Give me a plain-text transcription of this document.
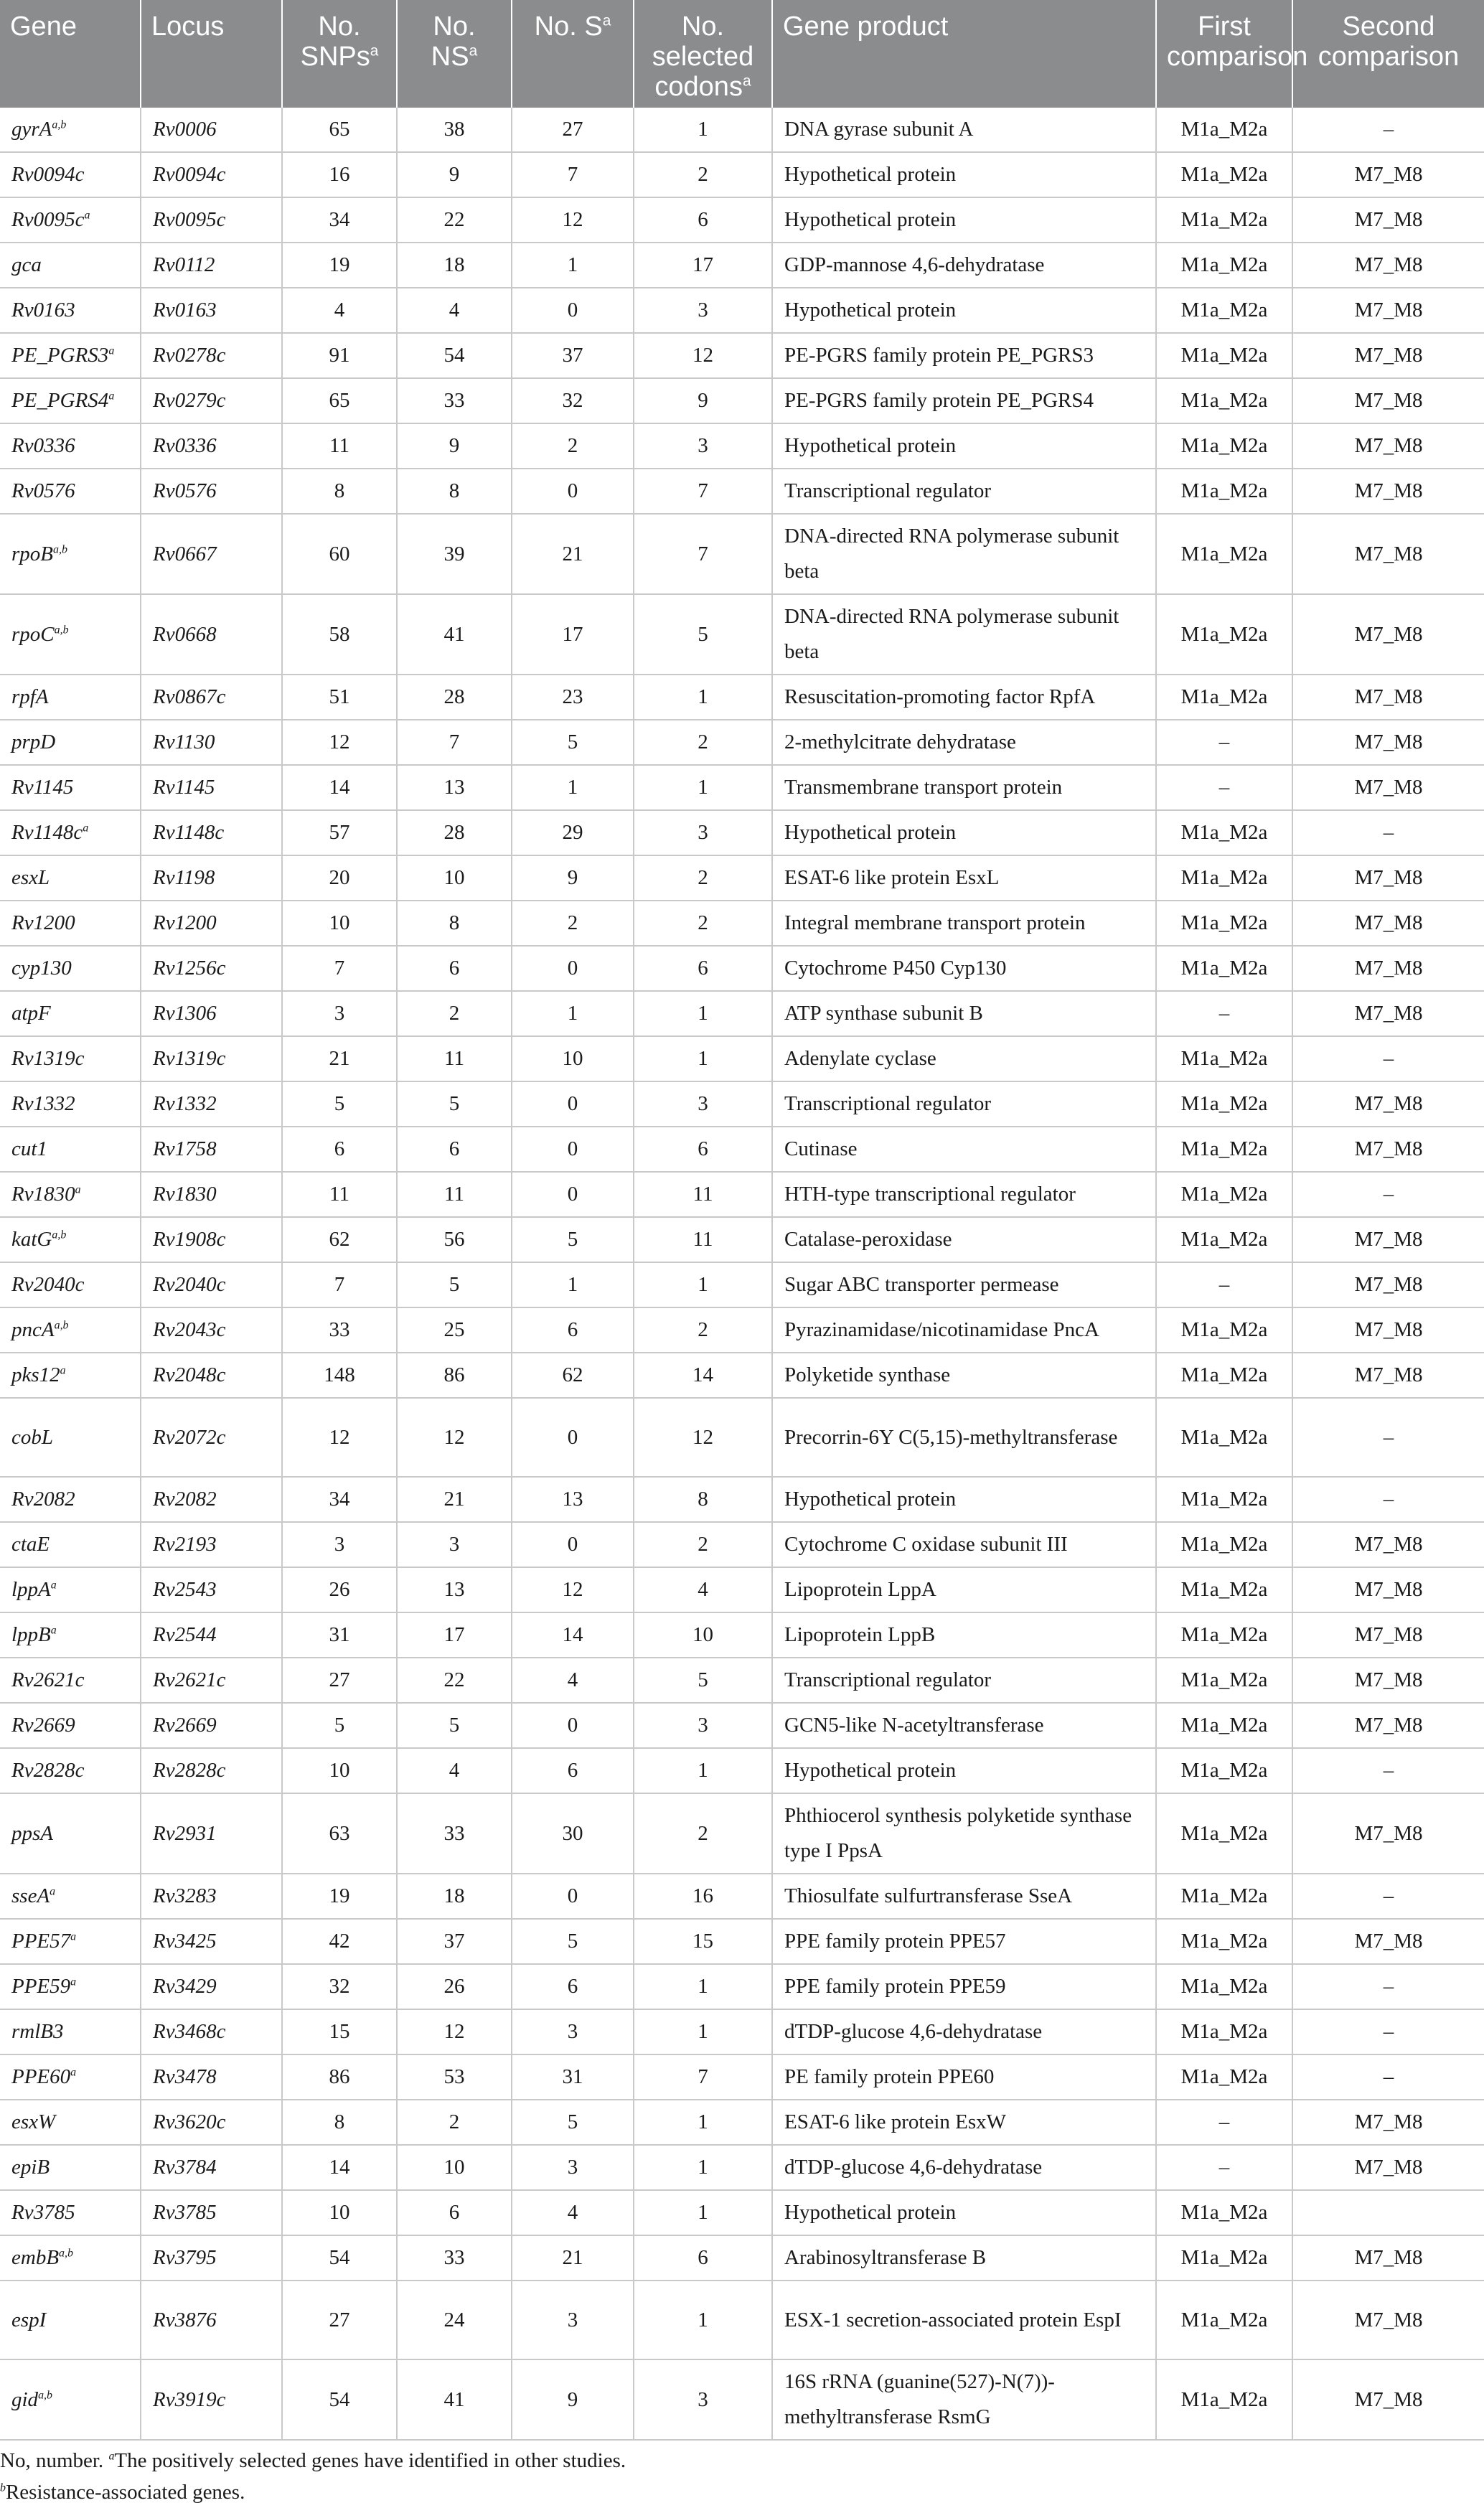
Gene	Locus	No. SNPs$^a$	No. $NS^a$	No. $S^a$	No. selected codons$^a$	Gene product	First comparison	Second comparison
gyrA$^{a,b}$	Rv0006	65	38	27	1	DNA gyrase subunit A	M1a_M2a	–
Rv0094c	Rv0094c	16	9	7	2	Hypothetical protein	M1a_M2a	M7_M8
$Rv0095c^a$	Rv0095c	34	22	12	6	Hypothetical protein	M1a_M2a	M7_M8
gca	Rv0112	19	18	1	17	GDP-mannose 4,6-dehydratase	M1a_M2a	M7_M8
Rv0163	Rv0163	4	4	0	3	Hypothetical protein	M1a_M2a	M7_M8
PE_PGRS3$^a$	Rv0278c	91	54	37	12	PE-PGRS family protein PE_PGRS3	M1a_M2a	M7_M8
PE_PGRS4$^a$	Rv0279c	65	33	32	9	PE-PGRS family protein PE_PGRS4	M1a_M2a	M7_M8
Rv0336	Rv0336	11	9	2	3	Hypothetical protein	M1a_M2a	M7_M8
Rv0576	Rv0576	8	8	0	7	Transcriptional regulator	M1a_M2a	M7_M8
rpoB$^{a,b}$	Rv0667	60	39	21	7	DNA-directed RNA polymerase subunit beta	M1a_M2a	M7_M8
rpoC$^{a,b}$	Rv0668	58	41	17	5	DNA-directed RNA polymerase subunit beta	M1a_M2a	M7_M8
rpfA	Rv0867c	51	28	23	1	Resuscitation-promoting factor RpfA	M1a_M2a	M7_M8
prpD	Rv1130	12	7	5	2	2-methylcitrate dehydratase	–	M7_M8
Rv1145	Rv1145	14	13	1	1	Transmembrane transport protein	–	M7_M8
$Rv1148c^a$	Rv1148c	57	28	29	3	Hypothetical protein	M1a_M2a	–
esxL	Rv1198	20	10	9	2	ESAT-6 like protein EsxL	M1a_M2a	M7_M8
Rv1200	Rv1200	10	8	2	2	Integral membrane transport protein	M1a_M2a	M7_M8
cyp130	Rv1256c	7	6	0	6	Cytochrome P450 Cyp130	M1a_M2a	M7_M8
atpF	Rv1306	3	2	1	1	ATP synthase subunit B	–	M7_M8
Rv1319c	Rv1319c	21	11	10	1	Adenylate cyclase	M1a_M2a	–
Rv1332	Rv1332	5	5	0	3	Transcriptional regulator	M1a_M2a	M7_M8
cut1	Rv1758	6	6	0	6	Cutinase	M1a_M2a	M7_M8
Rv1830$^a$	Rv1830	11	11	0	11	HTH-type transcriptional regulator	M1a_M2a	–
katG$^{a,b}$	Rv1908c	62	56	5	11	Catalase-peroxidase	M1a_M2a	M7_M8
Rv2040c	Rv2040c	7	5	1	1	Sugar ABC transporter permease	–	M7_M8
pncA$^{a,b}$	Rv2043c	33	25	6	2	Pyrazinamidase/nicotinamidase PncA	M1a_M2a	M7_M8
pks12$^a$	Rv2048c	148	86	62	14	Polyketide synthase	M1a_M2a	M7_M8
cobL	Rv2072c	12	12	0	12	Precorrin-6Y C(5,15)-methyltransferase	M1a_M2a	–
Rv2082	Rv2082	34	21	13	8	Hypothetical protein	M1a_M2a	–
ctaE	Rv2193	3	3	0	2	Cytochrome C oxidase subunit III	M1a_M2a	M7_M8
lppA$^a$	Rv2543	26	13	12	4	Lipoprotein LppA	M1a_M2a	M7_M8
lppB$^a$	Rv2544	31	17	14	10	Lipoprotein LppB	M1a_M2a	M7_M8
Rv2621c	Rv2621c	27	22	4	5	Transcriptional regulator	M1a_M2a	M7_M8
Rv2669	Rv2669	5	5	0	3	GCN5-like N-acetyltransferase	M1a_M2a	M7_M8
Rv2828c	Rv2828c	10	4	6	1	Hypothetical protein	M1a_M2a	–
ppsA	Rv2931	63	33	30	2	Phthiocerol synthesis polyketide synthase type I PpsA	M1a_M2a	M7_M8
sseA$^a$	Rv3283	19	18	0	16	Thiosulfate sulfurtransferase SseA	M1a_M2a	–
PPE57$^a$	Rv3425	42	37	5	15	PPE family protein PPE57	M1a_M2a	M7_M8
PPE59$^a$	Rv3429	32	26	6	1	PPE family protein PPE59	M1a_M2a	–
rmlB3	Rv3468c	15	12	3	1	dTDP-glucose 4,6-dehydratase	M1a_M2a	–
PPE60$^a$	Rv3478	86	53	31	7	PE family protein PPE60	M1a_M2a	–
esxW	Rv3620c	8	2	5	1	ESAT-6 like protein EsxW	–	M7_M8
epiB	Rv3784	14	10	3	1	dTDP-glucose 4,6-dehydratase	–	M7_M8
Rv3785	Rv3785	10	6	4	1	Hypothetical protein	M1a_M2a	
embB$^{a,b}$	Rv3795	54	33	21	6	Arabinosyltransferase B	M1a_M2a	M7_M8
espI	Rv3876	27	24	3	1	ESX-1 secretion-associated protein EspI	M1a_M2a	M7_M8
gid$^{a,b}$	Rv3919c	54	41	9	3	16S rRNA (guanine(527)-N(7))-methyltransferase RsmG	M1a_M2a	M7_M8

No, number. $^a$The positively selected genes have identified in other studies.

$^b$Resistance-associated genes.
